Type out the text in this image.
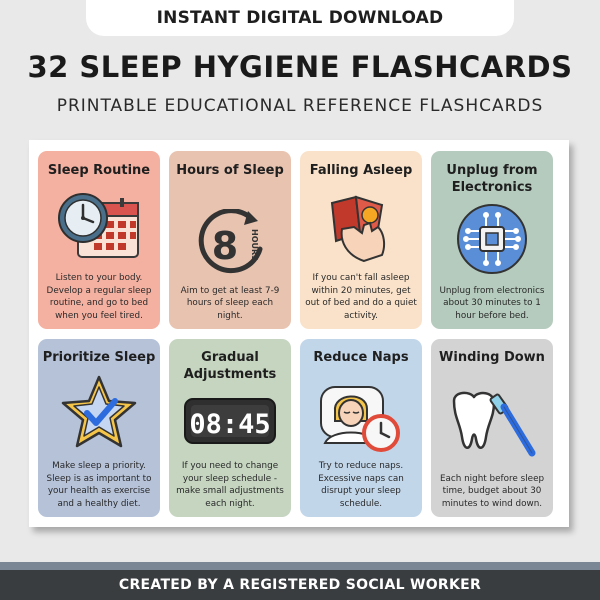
INSTANT DIGITAL DOWNLOAD
32 SLEEP HYGIENE FLASHCARDS
PRINTABLE EDUCATIONAL REFERENCE FLASHCARDS
Sleep Routine
Listen to your body. Develop a regular sleep routine, and go to bed when you feel tired.
Hours of Sleep
8 HOURS
Aim to get at least 7-9 hours of sleep each night.
Falling Asleep
If you can't fall asleep within 20 minutes, get out of bed and do a quiet activity.
Unplug from Electronics
Unplug from electronics about 30 minutes to 1 hour before bed.
Prioritize Sleep
Make sleep a priority. Sleep is as important to your health as exercise and a healthy diet.
Gradual Adjustments
08:45
If you need to change your sleep schedule - make small adjustments each night.
Reduce Naps
Try to reduce naps. Excessive naps can disrupt your sleep schedule.
Winding Down
Each night before sleep time, budget about 30 minutes to wind down.
CREATED BY A REGISTERED SOCIAL WORKER
